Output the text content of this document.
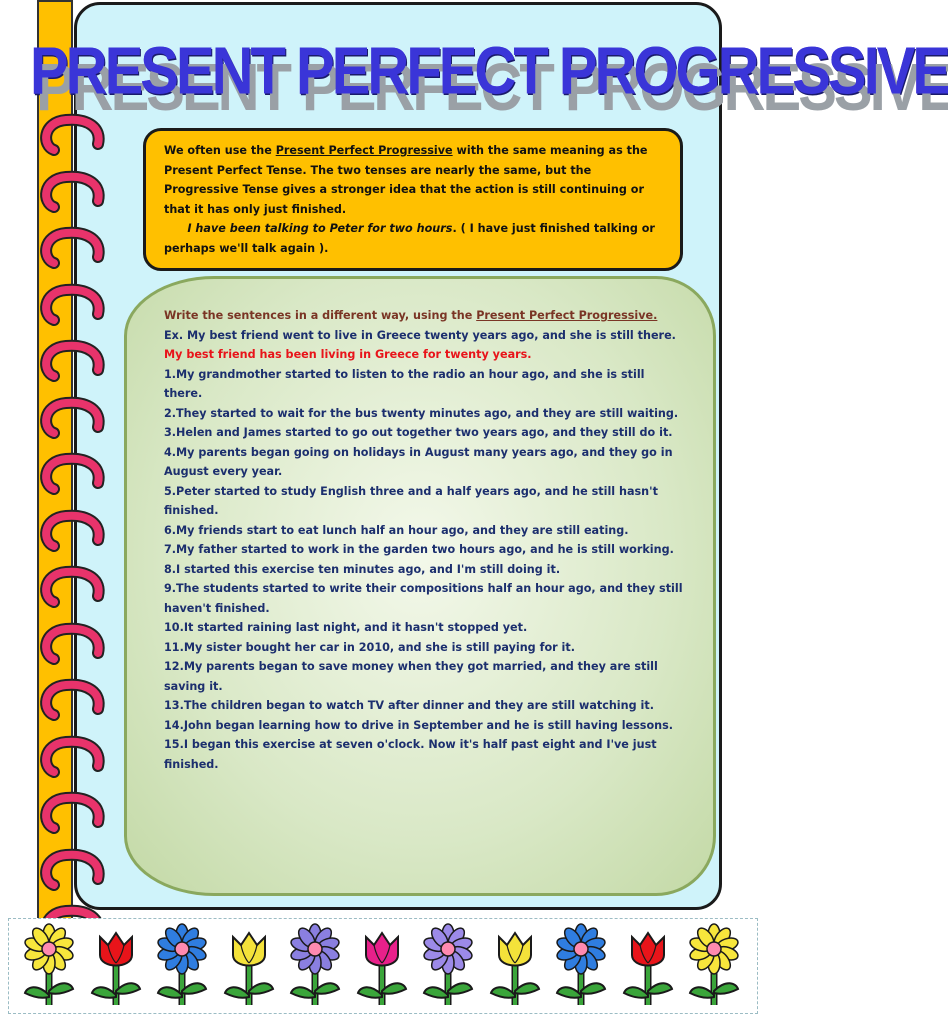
PRESENT PERFECT PROGRESSIVE
We often use the Present Perfect Progressive with the same meaning as the Present Perfect Tense. The two tenses are nearly the same, but the Progressive Tense gives a stronger idea that the action is still continuing or that it has only just finished.
I have been talking to Peter for two hours. ( I have just finished talking or perhaps we'll talk again ).

Write the sentences in a different way, using the Present Perfect Progressive.

Ex. My best friend went to live in Greece twenty years ago, and she is still there.

My best friend has been living in Greece for twenty years.

1.My grandmother started to listen to the radio an hour ago, and she is still there.

2.They started to wait for the bus twenty minutes ago, and they are still waiting.

3.Helen and James started to go out together two years ago, and they still do it.

4.My parents began going on holidays in August many years ago, and they go in August every year.

5.Peter started to study English three and a half years ago, and he still hasn't finished.

6.My friends start to eat lunch half an hour ago, and they are still eating.

7.My father started to work in the garden two hours ago, and he is still working.

8.I started this exercise ten minutes ago, and I'm still doing it.

9.The students started to write their compositions half an hour ago, and they still haven't finished.

10.It started raining last night, and it hasn't stopped yet.

11.My sister bought her car in 2010, and she is still paying for it.

12.My parents began to save money when they got married, and they are still saving it.

13.The children began to watch TV after dinner and they are still watching it.

14.John began learning how to drive in September and he is still having lessons.

15.I began this exercise at seven o'clock. Now it's half past eight and I've just finished.
